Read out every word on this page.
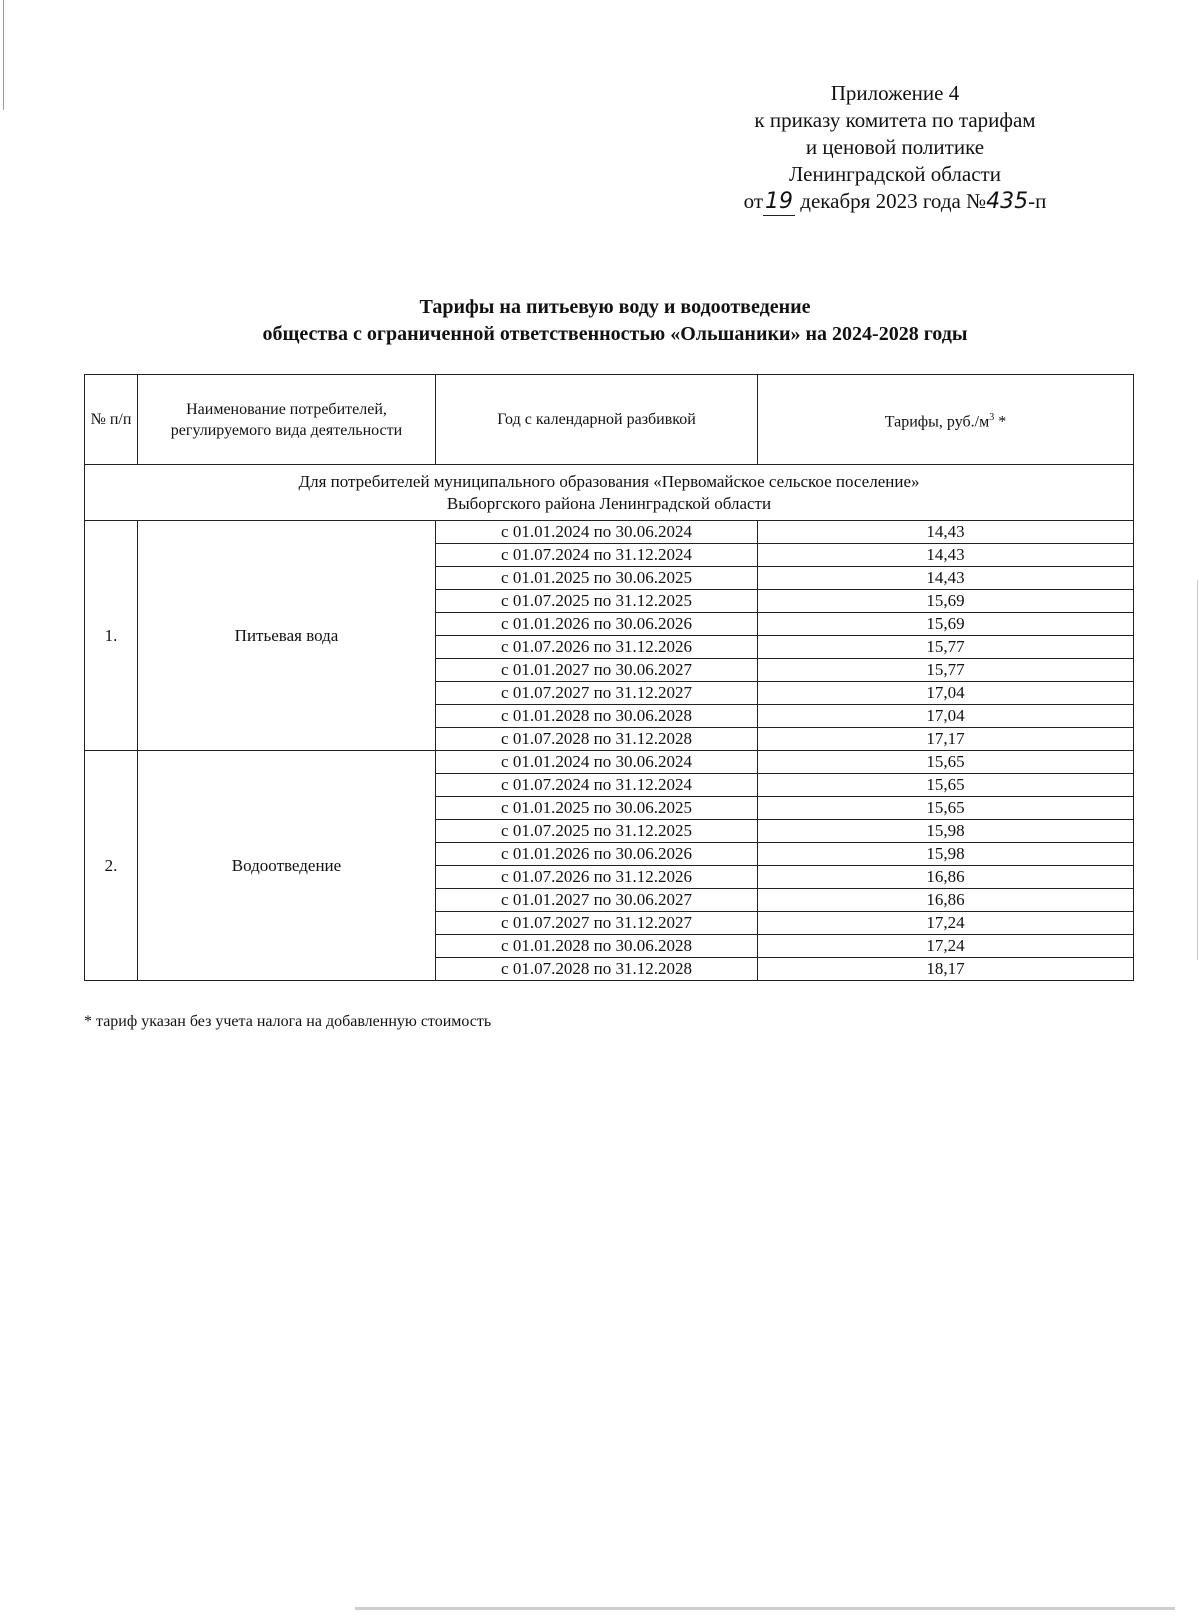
Приложение 4
к приказу комитета по тарифам
и ценовой политике
Ленинградской области
от19 декабря 2023 года №435-п
Тарифы на питьевую воду и водоотведение
общества с ограниченной ответственностью «Ольшаники» на 2024-2028 годы
№ п/п	Наименование потребителей, регулируемого вида деятельности	Год с календарной разбивкой	Тарифы, $руб./м^3$ *

Для потребителей муниципального образования «Первомайское сельское поселение»
Выборгского района Ленинградской области			

1.	Питьевая вода	с 01.01.2024 по 30.06.2024	14,43
		с 01.07.2024 по 31.12.2024	14,43
		с 01.01.2025 по 30.06.2025	14,43
		с 01.07.2025 по 31.12.2025	15,69
		с 01.01.2026 по 30.06.2026	15,69
		с 01.07.2026 по 31.12.2026	15,77
		с 01.01.2027 по 30.06.2027	15,77
		с 01.07.2027 по 31.12.2027	17,04
		с 01.01.2028 по 30.06.2028	17,04
		с 01.07.2028 по 31.12.2028	17,17
2.	Водоотведение	с 01.01.2024 по 30.06.2024	15,65
		с 01.07.2024 по 31.12.2024	15,65
		с 01.01.2025 по 30.06.2025	15,65
		с 01.07.2025 по 31.12.2025	15,98
		с 01.01.2026 по 30.06.2026	15,98
		с 01.07.2026 по 31.12.2026	16,86
		с 01.01.2027 по 30.06.2027	16,86
		с 01.07.2027 по 31.12.2027	17,24
		с 01.01.2028 по 30.06.2028	17,24
		с 01.07.2028 по 31.12.2028	18,17
* тариф указан без учета налога на добавленную стоимость
